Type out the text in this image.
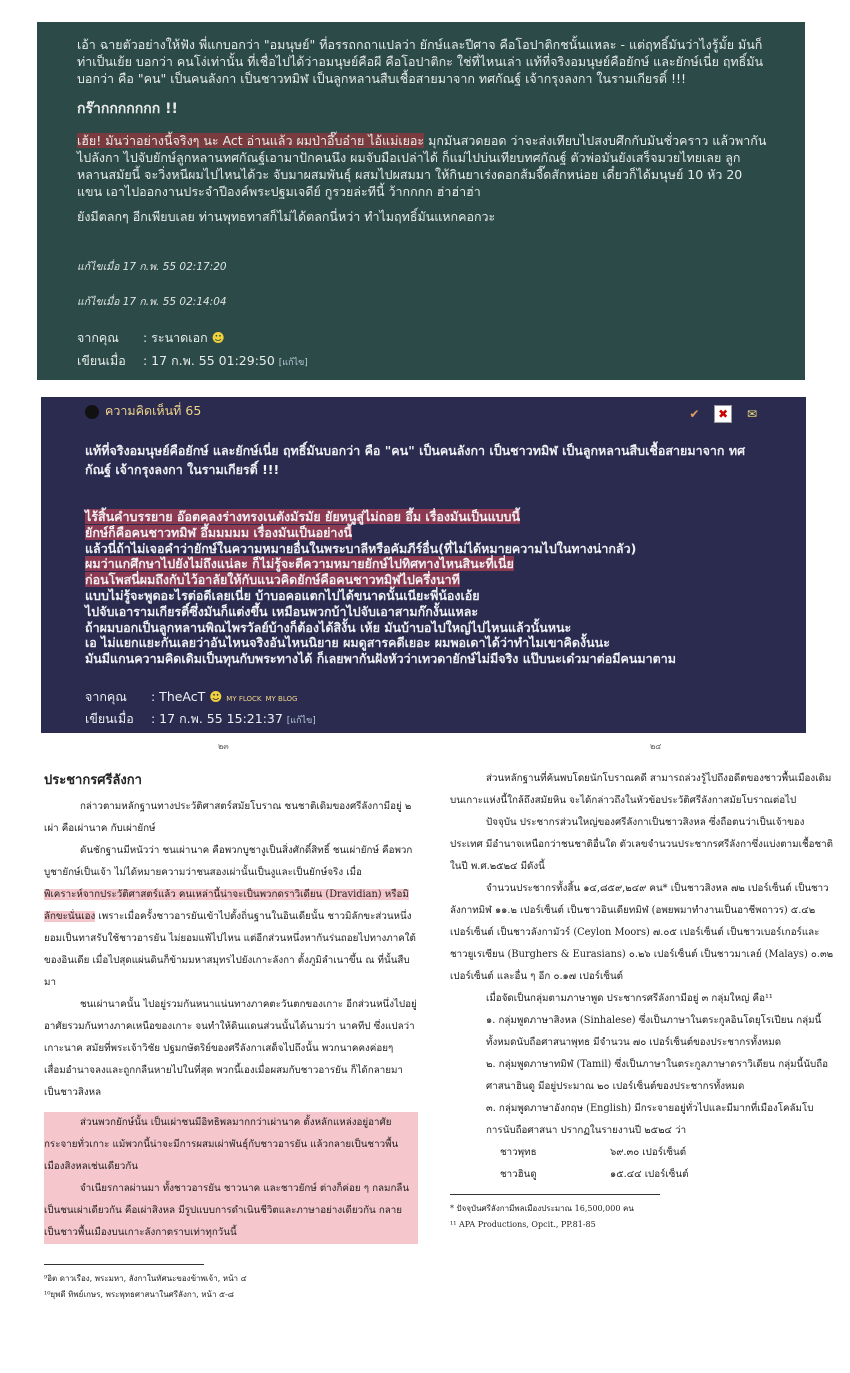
เอ้า ฉายตัวอย่างให้ฟัง พี่แกบอกว่า "อมนุษย์" ที่อรรถกถาแปลว่า ยักษ์และปีศาจ คือโอปาติกชนั้นแหละ - แต่ฤทธิ์มันว่าไงรู้มั้ย มันก็ท่าเป็นเย้ย บอกว่า คนโง่เท่านั้น ที่เชื่อไปได้ว่าอมนุษย์คือผี คือโอปาติกะ ใช่ที่ไหนเล่า แท้ที่จริงอมนุษย์คือยักษ์ และยักษ์เนี่ย ฤทธิ์มันบอกว่า คือ "คน" เป็นคนลังกา เป็นชาวทมิฬ เป็นลูกหลานสืบเชื้อสายมาจาก ทศกัณฐ์ เจ้ากรุงลงกา ในรามเกียรติ์ !!!

กร๊ากกกกกกก !!

เฮ้ย! มันว่าอย่างนี้จริงๆ นะ Act อ่านแล้ว ผมป่าอึ๊บอ๋าย ไอ้แม่เยอะ มุกมันสวดยอด ว่าจะส่งเทียบไปสงบศึกกับมันชั่วคราว แล้วพากันไปลังกา ไปจับยักษ์ลูกหลานทศกัณฐ์เอามาปักคนนึง ผมจับมือเปล่าได้ ก็แม่ไปบ่นเทียบทศกัณฐ์ ตัวพ่อมันยังเสร็จมวยไทยเลย ลูกหลานสมัยนี้ จะวิ่งหนีผมไปไหนได้วะ จับมาผสมพันธุ์ ผสมไปผสมมา ให้กินยาเร่งดอกส้มจี๊ดสักหน่อย เดี๋ยวก็ได้มนุษย์ 10 หัว 20 แขน เอาไปออกงานประจำปีองค์พระปฐมเจดีย์ กูรวยล่ะทีนี้ ว้ากกกก ฮ่าฮ่าฮ่า

ยังมีตลกๆ อีกเพียบเลย ท่านพุทธทาสก็ไม่ได้ตลกนี่หว่า ทำไมฤทธิ์มันแหกคอกวะ

แก้ไขเมื่อ 17 ก.พ. 55 02:17:20
แก้ไขเมื่อ 17 ก.พ. 55 02:14:04
จากคุณ : ระนาดเอก ☻
เขียนเมื่อ : 17 ก.พ. 55 01:29:50 [แก้ไข]
ความคิดเห็นที่ 65	✔ ✖ ✉

แท้ที่จริงอมนุษย์คือยักษ์ และยักษ์เนี่ย ฤทธิ์มันบอกว่า คือ "คน" เป็นคนลังกา เป็นชาวทมิฬ เป็นลูกหลานสืบเชื้อสายมาจาก ทศกัณฐ์ เจ้ากรุงลงกา ในรามเกียรติ์ !!!

ไร้สิ้นคำบรรยาย อ๊อตคลงร่างทรงเนตังมัรมัย ยัยหนูสู่ไม่ถอย อึ้ม เรื่องมันเป็นแบบนี้
ยักษ์ก็คือคนชาวทมิฬ อึ้มมมมม เรื่องมันเป็นอย่างนี้
แล้วนี่ถ้าไม่เจอคำว่ายักษ์ในความหมายอื่นในพระบาลีหรือคัมภีร์อื่น(ที่ไม่ได้หมายความไปในทางน่ากลัว)
ผมว่าแกศึกษาไปยังไม่ถึงแน่ละ ก็ไม่รู้จะตีความหมายยักษ์ไปทิศทางไหนสินะที่เนี่ย
ก่อนโพสนี่ผมถึงกับไว้อาลัยให้กับแนวคิดยักษ์คือคนชาวทมิฬไปครึ่งนาที
แบบไม่รู้จะพูดอะไรต่อดีเลยเนี่ย บ้าบอคอแตกไปได้ขนาดนั้นเนียะพี่น้องเอ้ย
ไปจับเอารามเกียรติ์ซึ่งมันก็แต่งขึ้น เหมือนพวกบ้าไปจับเอาสามก๊กงั้นแหละ
ถ้าผมบอกเป็นลูกหลานพิณไพรวัลย์บ้างก็ต้องได้สิงั้น เห้ย มันบ้าบอไปใหญ่ไปไหนแล้วนั้นหนะ
เอ ไม่แยกแยะกันเลยว่าอันไหนจริงอันไหนนิยาย ผมดูสารคดีเยอะ ผมพอเดาได้ว่าทำไมเขาคิดงั้นนะ
มันมีแกนความคิดเดิมเป็นทุนกับพระทางได้ ก็เลยพากันฝังหัวว่าเทวดายักษ์ไม่มีจริง แป๊บนะเด๋วมาต่อมีคนมาตาม
จากคุณ : TheAcT ☻ MY FLOCK MY BLOG
เขียนเมื่อ : 17 ก.พ. 55 15:21:37 [แก้ไข]
๒๓	๒๔
ประชากรศรีลังกา
กล่าวตามหลักฐานทางประวัติศาสตร์สมัยโบราณ ชนชาติเดิมของศรีลังกามีอยู่ ๒ เผ่า คือเผ่านาค กับเผ่ายักษ์
ดันชักฐานมีหนัวว่า ชนเผ่านาค คือพวกบูชางูเป็นสิ่งศักดิ์สิทธิ์ ชนเผ่ายักษ์ คือพวกบูชายักษ์เป็นเจ้า ไม่ได้หมายความว่าชนสองเผ่านั้นเป็นงูและเป็นยักษ์จริง เมื่อ
พิเคราะห์จากประวัติศาสตร์แล้ว คนเหล่านี้น่าจะเป็นพวกดราวิเดียน (Dravidian) หรือมิลักขะนั่นเอง เพราะเมื่อครั้งชาวอารยันเข้าไปตั้งถิ่นฐานในอินเดียนั้น ชาวมิลักขะส่วนหนึ่ง ยอมเป็นทาสรับใช้ชาวอารยัน ไม่ยอมแพ้ไปไหน แต่อีกส่วนหนึ่งหากันร่นถอยไปทางภาคใต้ของอินเดีย เมื่อไปสุดแผ่นดินก็ข้ามมหาสมุทรไปยังเกาะลังกา ตั้งภูมิลำเนาขึ้น ณ ที่นั้นสืบมา
ชนเผ่านาคนั้น ไปอยู่รวมกันหนาแน่นทางภาคตะวันตกของเกาะ อีกส่วนหนึ่งไปอยู่อาศัยรวมกันทางภาคเหนือของเกาะ จนทำให้ดินแดนส่วนนั้นได้นามว่า นาคทีป ซึ่งแปลว่า เกาะนาค สมัยที่พระเจ้าวิชัย ปฐมกษัตริย์ของศรีลังกาเสด็จไปถึงนั้น พวกนาคคงค่อยๆ เสื่อมอำนาจลงและถูกกลืนหายไปในที่สุด พวกนี้เองเมื่อผสมกับชาวอารยัน ก็ได้กลายมาเป็นชาวสิงหล
ส่วนพวกยักษ์นั้น เป็นเผ่าชนมีอิทธิพลมากกว่าเผ่านาค ตั้งหลักแหล่งอยู่อาศัยกระจายทั่วเกาะ แม้พวกนี้น่าจะมีการผสมเผ่าพันธุ์กับชาวอารยัน แล้วกลายเป็นชาวพื้นเมืองสิงหลเช่นเดียวกัน
จำเนียรกาลผ่านมา ทั้งชาวอารยัน ชาวนาค และชาวยักษ์ ต่างก็ค่อย ๆ กลมกลืนเป็นชนเผ่าเดียวกัน คือเผ่าสิงหล มีรูปแบบการดำเนินชีวิตและภาษาอย่างเดียวกัน กลายเป็นชาวพื้นเมืองบนเกาะลังกาตราบเท่าทุกวันนี้
⁹อิต ดาวเรือง, พระมหา, ลังกาในทัศนะของข้าพเจ้า, หน้า ๔
¹⁰ยุพดี ทิพย์เกษร, พระพุทธศาสนาในศรีลังกา, หน้า ๕-๘
ส่วนหลักฐานที่ค้นพบโดยนักโบราณคดี สามารถล่วงรู้ไปถึงอดีตของชาวพื้นเมืองเดิมบนเกาะแห่งนี้ใกล้ถึงสมัยหิน จะได้กล่าวถึงในหัวข้อประวัติศรีลังกาสมัยโบราณต่อไป
ปัจจุบัน ประชากรส่วนใหญ่ของศรีลังกาเป็นชาวสิงหล ซึ่งถือตนว่าเป็นเจ้าของประเทศ มีอำนาจเหนือกว่าชนชาติอื่นใด ตัวเลขจำนวนประชากรศรีลังกาซึ่งแบ่งตามเชื้อชาติ ในปี พ.ศ.๒๕๒๔ มีดังนี้
จำนวนประชากรทั้งสิ้น ๑๔,๘๕๙,๒๔๙ คน* เป็นชาวสิงหล ๗๒ เปอร์เซ็นต์ เป็นชาวลังกาทมิฬ ๑๑.๒ เปอร์เซ็นต์ เป็นชาวอินเดียทมิฬ (อพยพมาทำงานเป็นอาชีพถาวร) ๕.๔๒ เปอร์เซ็นต์ เป็นชาวลังกามัวร์ (Ceylon Moors) ๗.๐๕ เปอร์เซ็นต์ เป็นชาวเบอร์เกอร์และชาวยูเรเซียน (Burghers & Eurasians) ๐.๒๖ เปอร์เซ็นต์ เป็นชาวมาเลย์ (Malays) ๐.๓๒ เปอร์เซ็นต์ และอื่น ๆ อีก ๐.๑๗ เปอร์เซ็นต์
เมื่อจัดเป็นกลุ่มตามภาษาพูด ประชากรศรีลังกามีอยู่ ๓ กลุ่มใหญ่ คือ¹¹
๑. กลุ่มพูดภาษาสิงหล (Sinhalese) ซึ่งเป็นภาษาในตระกูลอินโดยุโรเปียน กลุ่มนี้ทั้งหมดนับถือศาสนาพุทธ มีจำนวน ๗๐ เปอร์เซ็นต์ของประชากรทั้งหมด
๒. กลุ่มพูดภาษาทมิฬ (Tamil) ซึ่งเป็นภาษาในตระกูลภาษาดราวิเดียน กลุ่มนี้นับถือศาสนาฮินดู มีอยู่ประมาณ ๒๐ เปอร์เซ็นต์ของประชากรทั้งหมด
๓. กลุ่มพูดภาษาอังกฤษ (English) มีกระจายอยู่ทั่วไปและมีมากที่เมืองโคลัมโบ
การนับถือศาสนา ปรากฏในรายงานปี ๒๕๒๔ ว่า
ชาวพุทธ	๖๙.๓๐ เปอร์เซ็นต์
ชาวฮินดู	๑๕.๔๔ เปอร์เซ็นต์
* ปัจจุบันศรีลังกามีพลเมืองประมาณ 16,500,000 คน
¹¹ APA Productions, Opcit., PP.81-85
